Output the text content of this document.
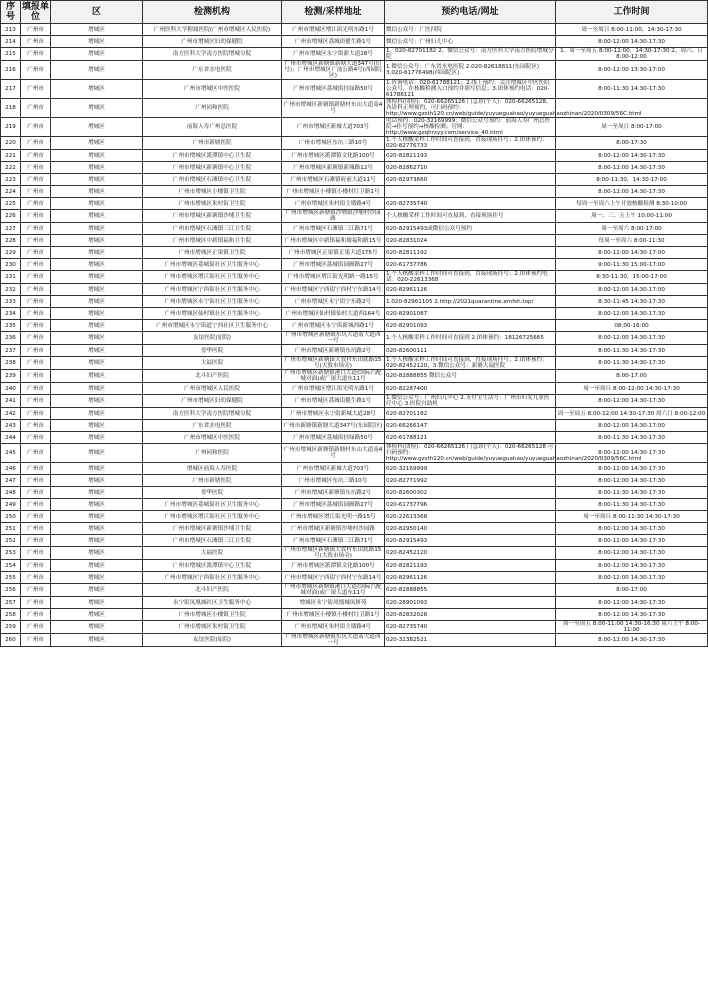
序号	填报单位	区	检测机构	检测/采样地址	预约电话/网址	工作时间
213	广州市	增城区	广州医科大学附属医院(广州市增城区人民医院)	广州市增城区增江街光明东路1号	微信公众号：广医四院	周一至周日 8:00-11:00，14:30-17:30
214	广州市	增城区	广州市增城区妇幼保健院	广州市增城区荔城街健生路1号	微信公众号：广州妇儿中心	8:00-12:00 14:30-17:30
215	广州市	增城区	南方医科大学南方医院增城分院	广州市增城区永宁街新大道28号	1、020-82701182 2、微信公众号：南方医科大学南方医院增城分院	1、周一至周五 8:00-12:00，14:30-17:30 2、周六、日 8:00-12:00
216	广州市	增城区	广东省水电医院	广州市增城区新塘镇新塘大道347号(旧号)；广州市增城区广汕公路4号(西园院区)	1.微信公众号：广东省水电医院 2.020-82618811(东园院区) 3.020-61776498(西园院区)	8:00-12:00 13:30-17:00
217	广州市	增城区	广州市增城区中医医院	广州市增城区荔城街挂绿路50号	1.咨询电话：020-61788121；2.线上预约：关注增城区中医医院公众号，在核酸检测入口预约并填写信息；3.团体预约电话：020-61788121	8:00-11:30 14:30-17:30
218	广州市	增城区	广州同和医院	广州市增城区新塘镇新塘村东山大道南4号	体检科(团检)：020-66265126 门急诊(个人)：020-66265128，各诊科正理预约，可扫码预约：http://www.gzsth120.cn/web/guide/yuyueguahao/yuyueguahaozhinan/2020/0309/56C.html	
219	广州市	增城区	前海人寿广州总医院	广州市增城区新城大道703号	电话预约：020-32169999；微信公众号预约：前海人寿广州总医院→挂号预约→核酸检测；官网：http://www.gzqhrsyy.com/service_40.html	周一至周日 8:00-17:00
220	广州市	增城区	广州市新塘医院	广州市增城区东坑三路10号	1.个人核酸采样工作时间可直接到，直接现场挂号；2.团体预约：020-82776733	8:00-17:30
221	广州市	增城区	广州市增城区派潭镇中心卫生院	广州市增城区派潭镇文化路100号	020-82821193	8:00-12:00 14:30-17:30
222	广州市	增城区	广州市增城区新塘镇中心卫生院	广州市增城区新塘镇新城路12号	020-82862710	8:00-12:00 14:30-17:30
223	广州市	增城区	广州市增城区石滩镇中心卫生院	广州市增城区石滩镇府前大道11号	020-82973660	8:00-11:30，14:30-17:00
224	广州市	增城区	广州市增城区小楼镇卫生院	广州市增城区小楼镇小楼村红卫路1号		8:00-12:00 14:30-17:30
225	广州市	增城区	广州市增城区朱村街卫生院	广州市增城区朱村街主墩路4号	020-82735740	每周一至周六上午开放核酸检测 8:30-10:00
226	广州市	增城区	广州市增城区新塘镇沙埔卫生院	广州市增城区新塘镇沙埔镇沙埔村沙园路	个人核酸采样工作时间可直接到，直接现场挂号	周一、三、五上午 10:00-11:00
227	广州市	增城区	广州市增城区石滩镇三江卫生院	广州市增城区石滩镇三江路71号	020-82915493或微信公众号预约	周一至周六 8:00-17:00
228	广州市	增城区	广州市增城区中新镇福和卫生院	广州市增城区中新镇福和墟福和路15号	020-82831024	每周一至周六 8:00-11:30
229	广州市	增城区	广州市增城区正果镇卫生院	广州市增城区正果镇正果大道175号	020-82811192	8:00-12:00 14:30-17:00
230	广州市	增城区	广州市增城区荔城街社区卫生服务中心	广州市增城区荔城街园圃路27号	020-61737786	9:00-11:30 15:00-17:00
231	广州市	增城区	广州市增城区增江街社区卫生服务中心	广州市增城区增江街光明路一路15号	1.个人核酸采样工作时间可直接到，直接现场挂号；2.团体预约电话：020-22613368	8:30-11:30，15:00-17:00
232	广州市	增城区	广州市增城区宁西街社区卫生服务中心	广州市增城区宁西街宁西村宁东路14号	020-82961126	8:00-12:00 14:30-17:00
233	广州市	增城区	广州市增城区永宁街社区卫生服务中心	广州市增城区永宁街宁东路2号	1.020-82961105 2.http://2021quarantine.emfsh.top/	8:30-11:45 14:30-17:30
234	广州市	增城区	广州市增城区仙村镇社区卫生服务中心	广州市增城区仙村镇仙村大道西164号	020-82901087	8:00-12:00 14:30-17:30
235	广州市	增城区	广州市增城区永宁街道宁西社区卫生服务中心	广州市增城区永宁街新城西路1号	020-82901093	08:00-16:00
236	广州市	增城区	友谊医院(原院)	广州市增城区新塘镇东坑大道南大道西一号	1.个人核酸采样工作时间可直接到 2.团体预约：18126725665	8:00-12:00 14:30-17:30
237	广州市	增城区	誉华医院	广州市增城区新塘镇东坑路2号	020-82600111	8:00-11:30 14:30-17:30
238	广州市	增城区	大福医院	广州市增城区新塘镇大敦村东田底路15号(大敦市场旁)	1.个人核酸采样工作时间可直接到，直接现场挂号；2.团体预约：020-82452120；3.微信公众号：新塘大福医院	8:00-11:30 14:30-17:30
239	广州市	增城区	北斗妇产医院	广州市增城区新塘镇港口大道(国际汽配城对面)或广深大道东11号	020-82888855 微信公众号	8:00-17:00
240	广州市	增城区	广州市增城区人民医院	广州市增城区增江街光明东路1号	020-82287400	周一至周日 8:00-12:00 14:30-17:30
241	广州市	增城区	广州市增城区妇幼保健院	广州市增城区荔城街健生路1号	1.微信公众号：广州妇儿中心 2.支付宝生活号：广州市妇女儿童医疗中心 3.医院自助机	8:00-12:00 14:30-17:30
242	广州市	增城区	南方医科大学南方医院增城分院	广州市增城区永宁街新城大道28号	020-82701182	周一至周五 8:00-12:00 14:30-17:30 周六日 8:00-12:00
243	广州市	增城区	广东省水电医院	广州市新塘镇新塘大道347号(东园院区)	020-66266147	8:00-12:00 14:30-17:00
244	广州市	增城区	广州市增城区中医医院	广州市增城区荔城街挂绿路50号	020-61788121	8:00-11:30 14:30-17:30
245	广州市	增城区	广州同和医院	广州市增城区新塘镇新塘村东山大道南4号	体检科(团检)：020-66265126 门急诊(个人)：020-66265128 可扫码预约：http://www.gzsth120.cn/web/guide/yuyueguahao/yuyueguahaozhinan/2020/0309/56C.html	8:00-12:00 14:30-17:30
246	广州市	增城区	增城区前海人寿医院	广州市增城区新城大道703号	020-32169999	8:00-12:00 14:30-17:30
247	广州市	增城区	广州市新塘医院	广州市增城区东坑三路10号	020-82771992	8:00-12:00 14:30-17:30
248	广州市	增城区	誉华医院	广州市增城区新塘镇东坑路2号	020-82600302	8:00-11:30 14:30-17:30
249	广州市	增城区	广州市增城区荔城街社区卫生服务中心	广州市增城区荔城街园圃路27号	020-61737796	8:00-11:30 14:30-17:30
250	广州市	增城区	广州市增城区增江街社区卫生服务中心	广州市增城区增江街光明一路15号	020-22613368	周一至周日 8:00-11:30 14:30-17:30
251	广州市	增城区	广州市增城区新塘镇沙埔卫生院	广州市增城区新塘镇沙埔村沙园路	020-82950140	8:00-12:00 14:30-17:30
252	广州市	增城区	广州市增城区石滩镇三江卫生院	广州市增城区石滩镇三江路71号	020-82915493	8:00-12:00 14:30-17:30
253	广州市	增城区	大福医院	广州市增城区新塘镇大敦村东田底路15号(大敦市场旁)	020-82452120	8:00-12:00 14:30-17:30
254	广州市	增城区	广州市增城区派潭镇中心卫生院	广州市增城区派潭镇文化路100号	020-82821193	8:00-12:00 14:30-17:30
255	广州市	增城区	广州市增城区宁西街社区卫生服务中心	广州市增城区宁西街宁西村宁东路14号	020-82961126	8:00-12:00 14:30-17:30
256	广州市	增城区	北斗妇产医院	广州市增城区新塘镇港口大道(国际汽配城对面)或广深大道东11号	020-82888855	8:00-17:00
257	广州市	增城区	永宁街凤凰城社区卫生服务中心	增城区永宁街凤凰城凤妍苑	020-28901093	8:00-12:00 14:30-17:30
258	广州市	增城区	广州市增城区小楼镇卫生院	广州市增城区小楼镇小楼村红卫路1号	020-82832028	8:00-12:00 14:30-17:30
259	广州市	增城区	广州市增城区朱村街卫生院	广州市增城区朱村街主墩路4号	020-82735740	周一至周五 8:00-11:00 14:30-16:30 周六上午 8:00-11:00
260	广州市	增城区	友谊医院(原院)	广州市增城区新塘镇东坑大道南大道西一号	020-32382521	8:00-12:00 14:30-17:30
